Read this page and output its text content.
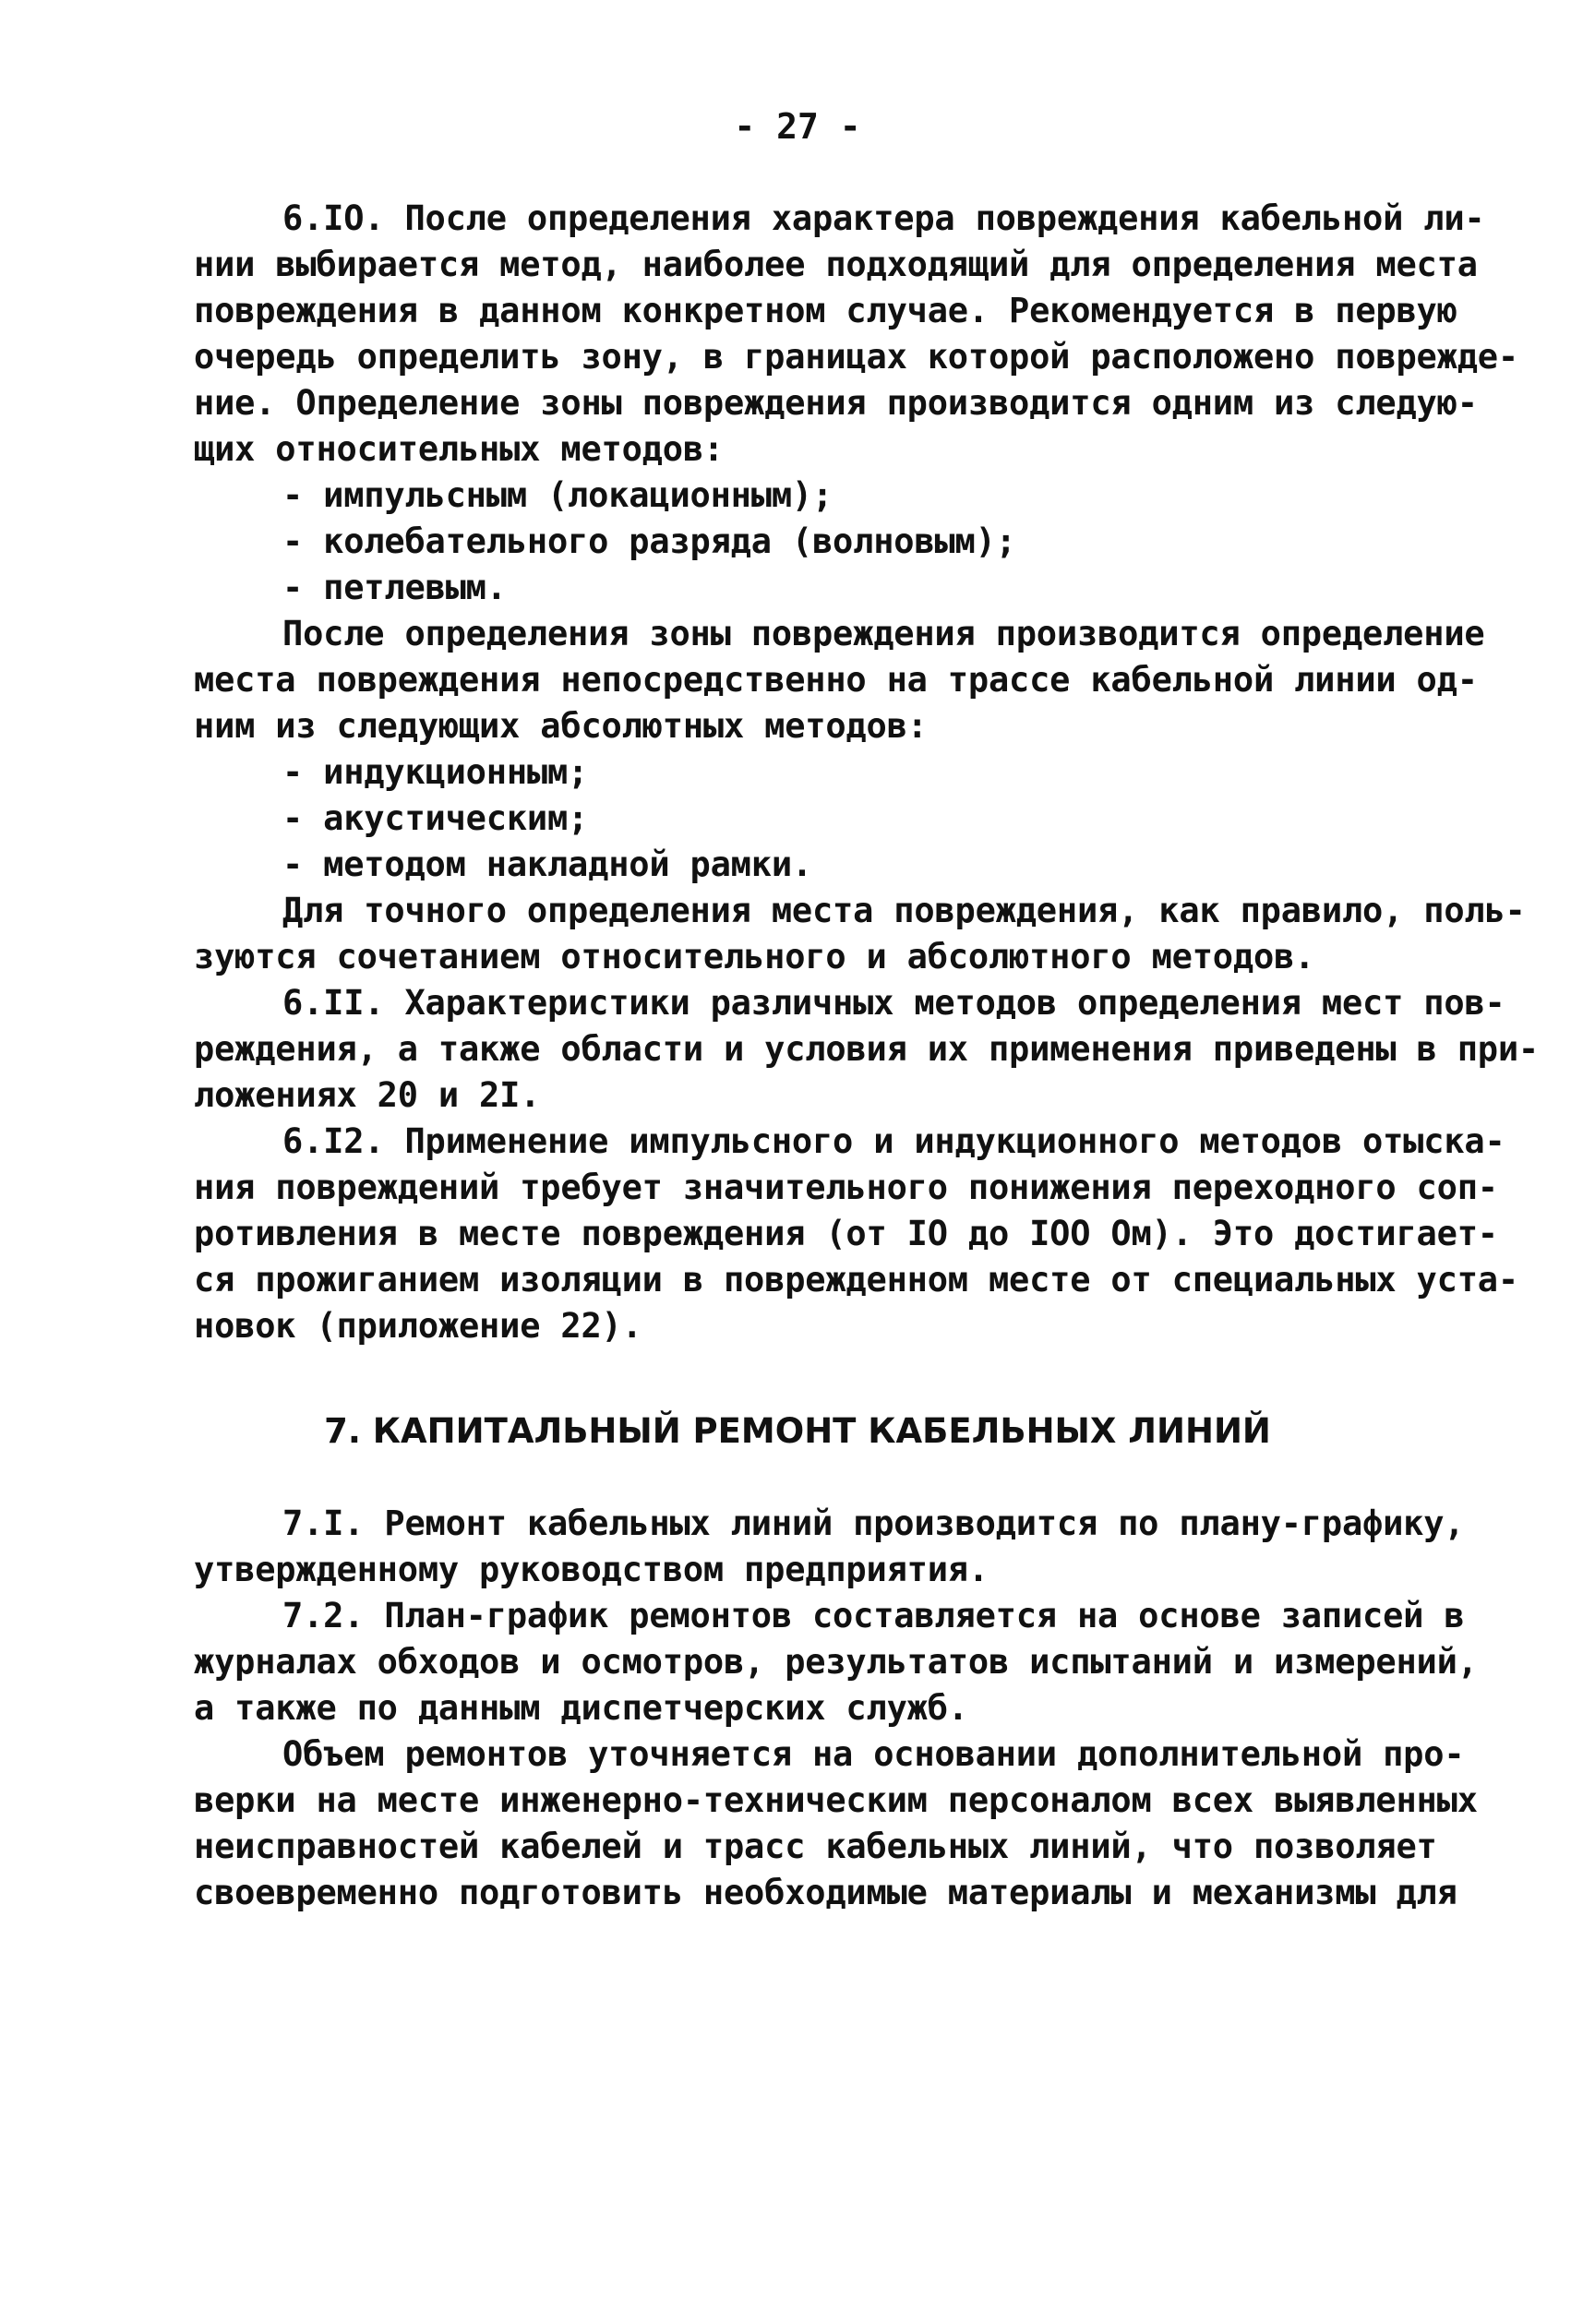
- 27 -
6.IO. После определения характера повреждения кабельной ли-
нии выбирается метод, наиболее подходящий для определения места
повреждения в данном конкретном случае. Рекомендуется в первую
очередь определить зону, в границах которой расположено поврежде-
ние. Определение зоны повреждения производится одним из следую-
щих относительных методов:
- импульсным (локационным);
- колебательного разряда (волновым);
- петлевым.
После определения зоны повреждения производится определение
места повреждения непосредственно на трассе кабельной линии од-
ним из следующих абсолютных методов:
- индукционным;
- акустическим;
- методом накладной рамки.
Для точного определения места повреждения, как правило, поль-
зуются сочетанием относительного и абсолютного методов.
6.II. Характеристики различных методов определения мест пов-
реждения, а также области и условия их применения приведены в при-
ложениях 20 и 2I.
6.I2. Применение импульсного и индукционного методов отыска-
ния повреждений требует значительного понижения переходного соп-
ротивления в месте повреждения (от IO до IOO Ом). Это достигает-
ся прожиганием изоляции в поврежденном месте от специальных уста-
новок (приложение 22).
7. КАПИТАЛЬНЫЙ РЕМОНТ КАБЕЛЬНЫХ ЛИНИЙ
7.I. Ремонт кабельных линий производится по плану-графику,
утвержденному руководством предприятия.
7.2. План-график ремонтов составляется на основе записей в
журналах обходов и осмотров, результатов испытаний и измерений,
а также по данным диспетчерских служб.
Объем ремонтов уточняется на основании дополнительной про-
верки на месте инженерно-техническим персоналом всех выявленных
неисправностей кабелей и трасс кабельных линий, что позволяет
своевременно подготовить необходимые материалы и механизмы для
